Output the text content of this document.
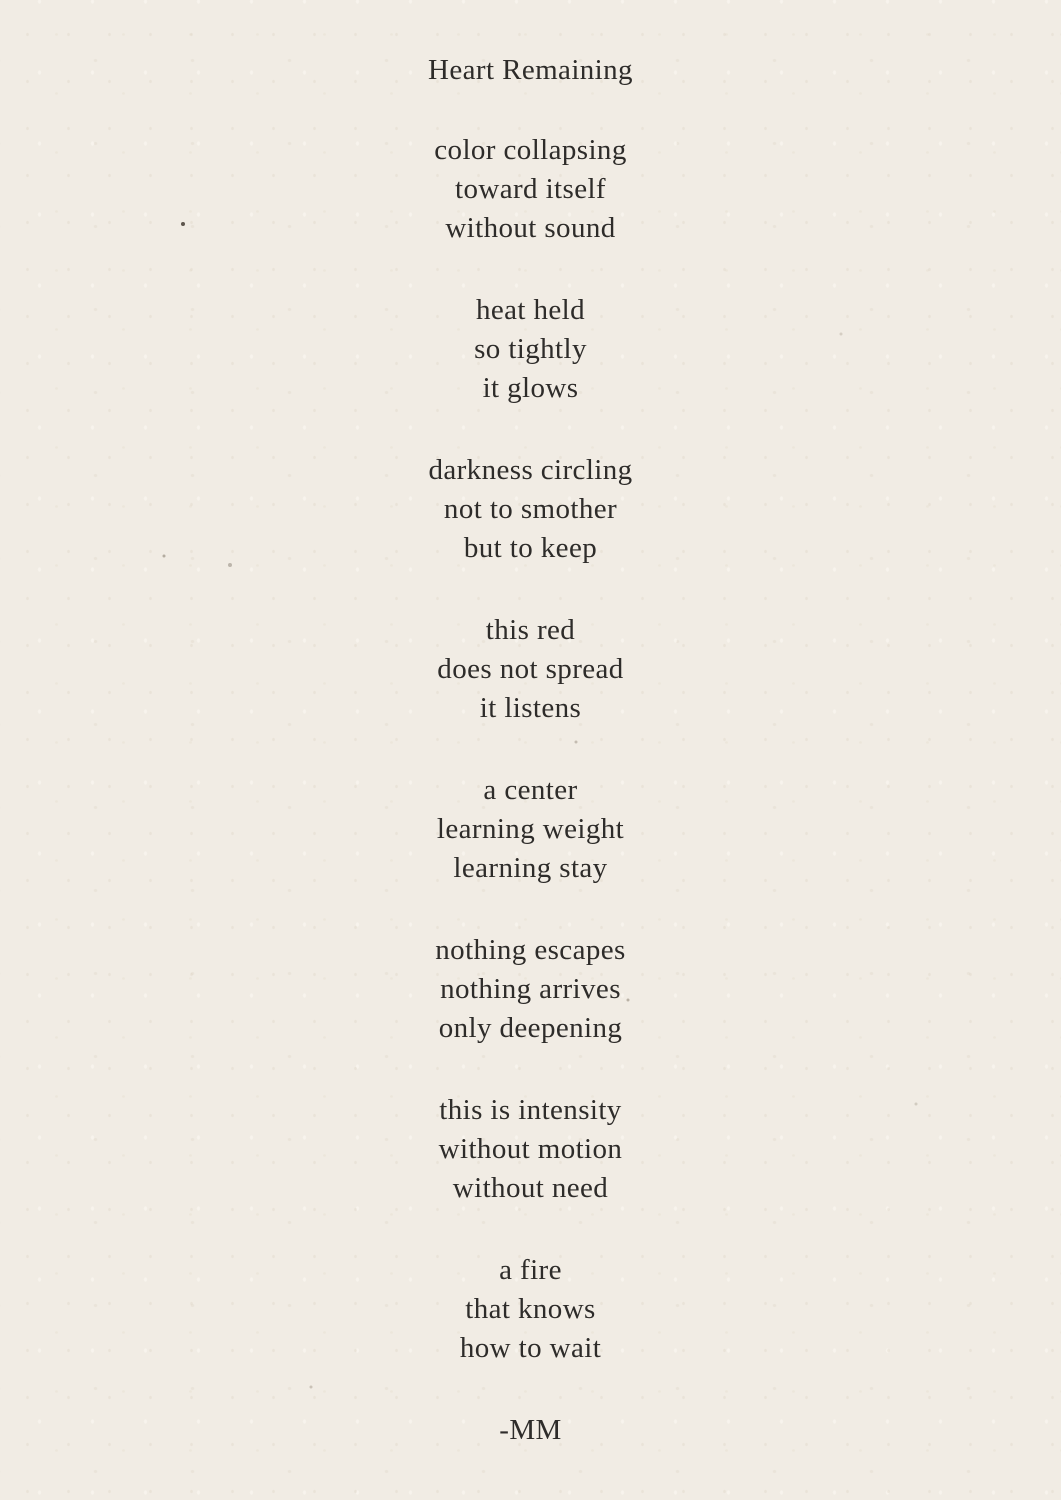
Heart Remaining

color collapsing

toward itself

without sound

heat held

so tightly

it glows

darkness circling

not to smother

but to keep

this red

does not spread

it listens

a center

learning weight

learning stay

nothing escapes

nothing arrives

only deepening

this is intensity

without motion

without need

a fire

that knows

how to wait

-MM
